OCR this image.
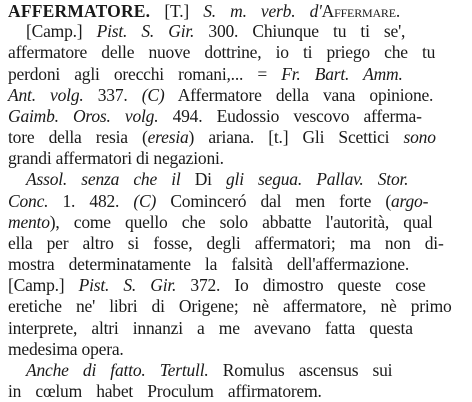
AFFERMATORE. [T.] S. m. verb. d'Affermare.
[Camp.] Pist. S. Gir. 300. Chiunque tu ti se',
affermatore delle nuove dottrine, io ti priego che tu
perdoni agli orecchi romani,... = Fr. Bart. Amm.
Ant. volg. 337. (C) Affermatore della vana opinione.
Gaimb. Oros. volg. 494. Eudossio vescovo afferma-
tore della resia (eresia) ariana. [t.] Gli Scettici sono
grandi affermatori di negazioni.
Assol. senza che il Di gli segua. Pallav. Stor.
Conc. 1. 482. (C) Cominceró dal men forte (argo-
mento), come quello che solo abbatte l'autorità, qual
ella per altro si fosse, degli affermatori; ma non di-
mostra determinatamente la falsità dell'affermazione.
[Camp.] Pist. S. Gir. 372. Io dimostro queste cose
eretiche ne' libri di Origene; nè affermatore, nè primo
interprete, altri innanzi a me avevano fatta questa
medesima opera.
Anche di fatto. Tertull. Romulus ascensus sui
in cœlum habet Proculum affirmatorem.
